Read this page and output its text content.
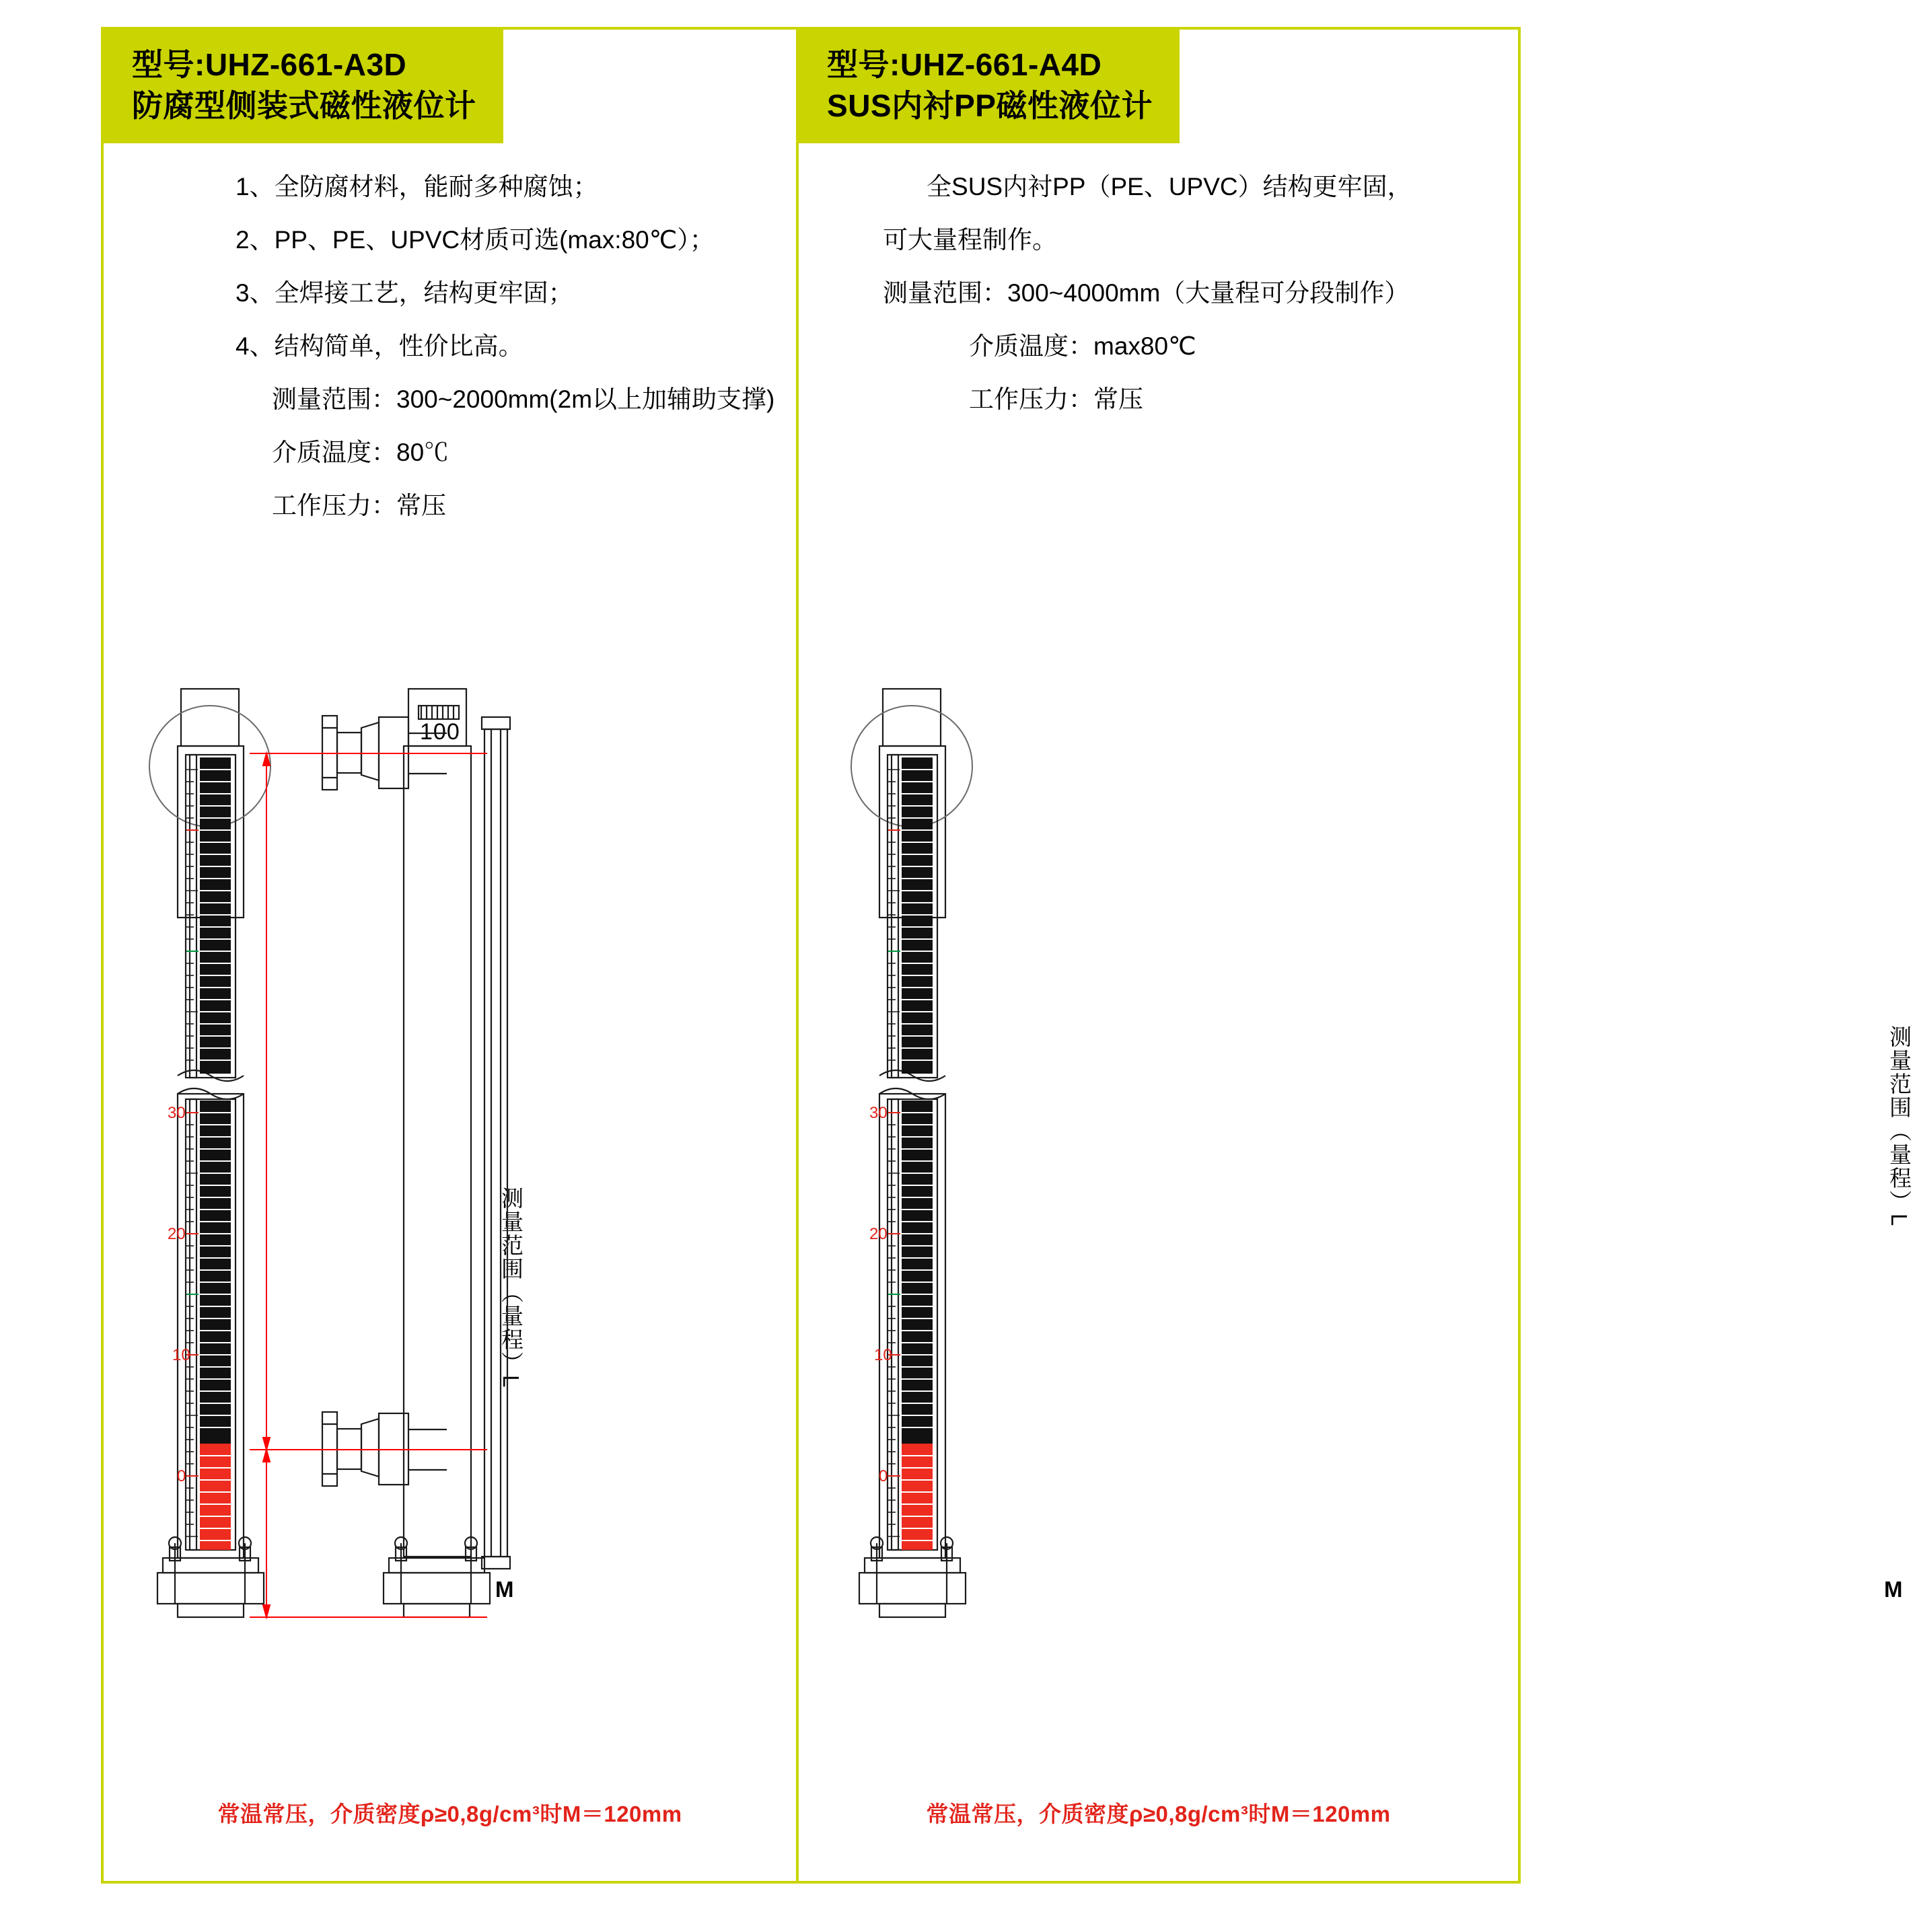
型号:UHZ-661-A3D
防腐型侧装式磁性液位计
1、全防腐材料，能耐多种腐蚀；
2、PP、PE、UPVC材质可选(max:80℃）；
3、全焊接工艺，结构更牢固；
4、结构简单，性价比高。
测量范围：300~2000mm(2m以上加辅助支撑)
介质温度：80℃
工作压力：常压
100
测量范围（量程）L
M
30
20
10
0
常温常压，介质密度ρ≥0,8g/cm³时M＝120mm
型号:UHZ-661-A4D
SUS内衬PP磁性液位计
全SUS内衬PP（PE、UPVC）结构更牢固，
可大量程制作。
测量范围：300~4000mm（大量程可分段制作）
介质温度：max80℃
工作压力：常压
测量范围（量程）L
M
30
20
10
0
常温常压，介质密度ρ≥0,8g/cm³时M＝120mm
